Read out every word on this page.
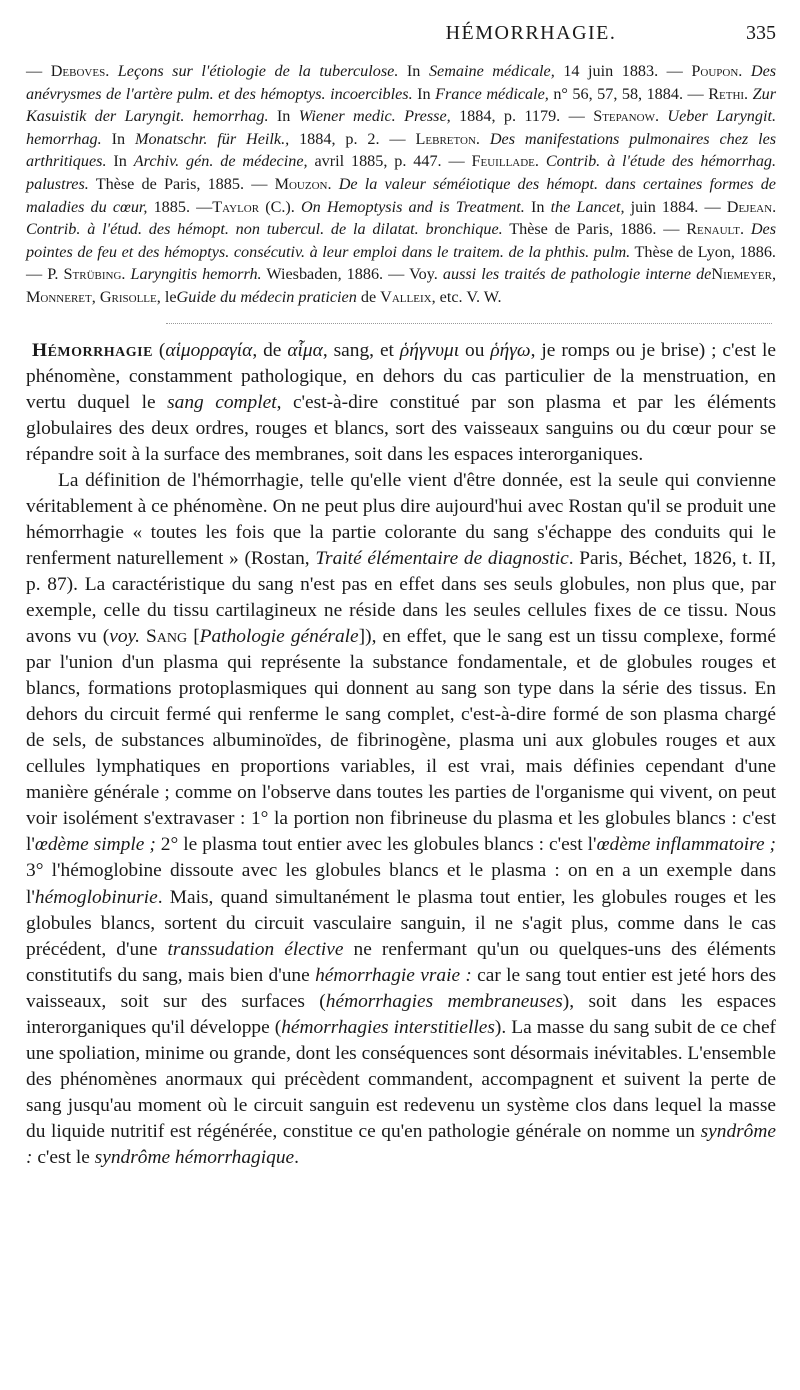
HÉMORRHAGIE.	335

— Deboves. Leçons sur l'étiologie de la tuberculose. In Semaine médicale, 14 juin 1883. — Poupon. Des anévrysmes de l'artère pulm. et des hémoptys. incoercibles. In France médicale, n° 56, 57, 58, 1884. — Rethi. Zur Kasuistik der Laryngit. hemorrhag. In Wiener medic. Presse, 1884, p. 1179. — Stepanow. Ueber Laryngit. hemorrhag. In Monatschr. für Heilk., 1884, p. 2. — Lebreton. Des manifestations pulmonaires chez les arthritiques. In Archiv. gén. de médecine, avril 1885, p. 447. — Feuillade. Contrib. à l'étude des hémorrhag. palustres. Thèse de Paris, 1885. — Mouzon. De la valeur séméiotique des hémopt. dans certaines formes de maladies du cœur, 1885. —Taylor (C.). On Hemoptysis and is Treatment. In the Lancet, juin 1884. — Dejean. Contrib. à l'étud. des hémopt. non tubercul. de la dilatat. bronchique. Thèse de Paris, 1886. — Renault. Des pointes de feu et des hémoptys. consécutiv. à leur emploi dans le traitem. de la phthis. pulm. Thèse de Lyon, 1886. — P. Strübing. Laryngitis hemorrh. Wiesbaden, 1886. — Voy. aussi les traités de pathologie interne deNiemeyer, Monneret, Grisolle, leGuide du médecin praticien de Valleix, etc. V. W.

Hémorrhagie (αἱμορραγία, de αἷμα, sang, et ῥήγνυμι ou ῥήγω, je romps ou je brise) ; c'est le phénomène, constamment pathologique, en dehors du cas particulier de la menstruation, en vertu duquel le sang complet, c'est-à-dire constitué par son plasma et par les éléments globulaires des deux ordres, rouges et blancs, sort des vaisseaux sanguins ou du cœur pour se répandre soit à la surface des membranes, soit dans les espaces interorganiques.

La définition de l'hémorrhagie, telle qu'elle vient d'être donnée, est la seule qui convienne véritablement à ce phénomène. On ne peut plus dire aujourd'hui avec Rostan qu'il se produit une hémorrhagie « toutes les fois que la partie colorante du sang s'échappe des conduits qui le renferment naturellement » (Rostan, Traité élémentaire de diagnostic. Paris, Béchet, 1826, t. II, p. 87). La caractéristique du sang n'est pas en effet dans ses seuls globules, non plus que, par exemple, celle du tissu cartilagineux ne réside dans les seules cellules fixes de ce tissu. Nous avons vu (voy. Sang [Pathologie générale]), en effet, que le sang est un tissu complexe, formé par l'union d'un plasma qui représente la substance fondamentale, et de globules rouges et blancs, formations protoplasmiques qui donnent au sang son type dans la série des tissus. En dehors du circuit fermé qui renferme le sang complet, c'est-à-dire formé de son plasma chargé de sels, de substances albuminoïdes, de fibrinogène, plasma uni aux globules rouges et aux cellules lymphatiques en proportions variables, il est vrai, mais définies cependant d'une manière générale ; comme on l'observe dans toutes les parties de l'organisme qui vivent, on peut voir isolément s'extravaser : 1° la portion non fibrineuse du plasma et les globules blancs : c'est l'œdème simple ; 2° le plasma tout entier avec les globules blancs : c'est l'œdème inflammatoire ; 3° l'hémoglobine dissoute avec les globules blancs et le plasma : on en a un exemple dans l'hémoglobinurie. Mais, quand simultanément le plasma tout entier, les globules rouges et les globules blancs, sortent du circuit vasculaire sanguin, il ne s'agit plus, comme dans le cas précédent, d'une transsudation élective ne renfermant qu'un ou quelques-uns des éléments constitutifs du sang, mais bien d'une hémorrhagie vraie : car le sang tout entier est jeté hors des vaisseaux, soit sur des surfaces (hémorrhagies membraneuses), soit dans les espaces interorganiques qu'il développe (hémorrhagies interstitielles). La masse du sang subit de ce chef une spoliation, minime ou grande, dont les conséquences sont désormais inévitables. L'ensemble des phénomènes anormaux qui précèdent commandent, accompagnent et suivent la perte de sang jusqu'au moment où le circuit sanguin est redevenu un système clos dans lequel la masse du liquide nutritif est régénérée, constitue ce qu'en pathologie générale on nomme un syndrôme : c'est le syndrôme hémorrhagique.
